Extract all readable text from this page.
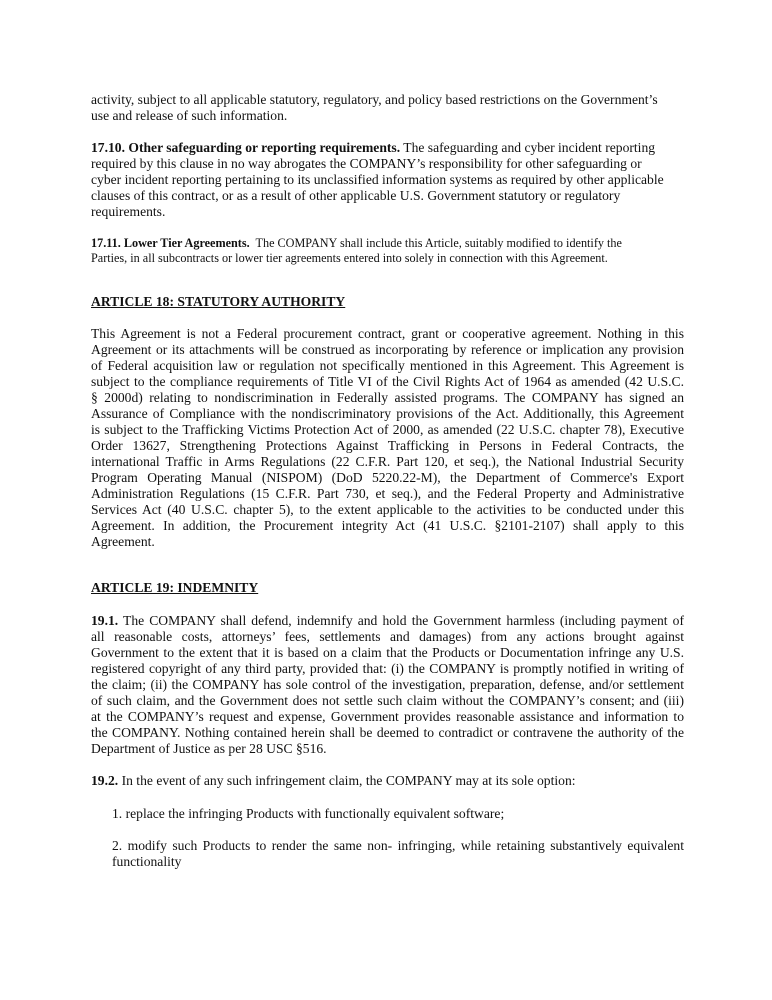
activity, subject to all applicable statutory, regulatory, and policy based restrictions on the Government’s
use and release of such information.
17.10. Other safeguarding or reporting requirements. The safeguarding and cyber incident reporting
required by this clause in no way abrogates the COMPANY’s responsibility for other safeguarding or
cyber incident reporting pertaining to its unclassified information systems as required by other applicable
clauses of this contract, or as a result of other applicable U.S. Government statutory or regulatory
requirements.
17.11. Lower Tier Agreements.  The COMPANY shall include this Article, suitably modified to identify the
Parties, in all subcontracts or lower tier agreements entered into solely in connection with this Agreement.
ARTICLE 18: STATUTORY AUTHORITY
This Agreement is not a Federal procurement contract, grant or cooperative agreement. Nothing in this
Agreement or its attachments will be construed as incorporating by reference or implication any provision
of Federal acquisition law or regulation not specifically mentioned in this Agreement. This Agreement is
subject to the compliance requirements of Title VI of the Civil Rights Act of 1964 as amended (42 U.S.C.
§ 2000d) relating to nondiscrimination in Federally assisted programs. The COMPANY has signed an
Assurance of Compliance with the nondiscriminatory provisions of the Act. Additionally, this Agreement
is subject to the Trafficking Victims Protection Act of 2000, as amended (22 U.S.C. chapter 78), Executive
Order 13627, Strengthening Protections Against Trafficking in Persons in Federal Contracts, the
international Traffic in Arms Regulations (22 C.F.R. Part 120, et seq.), the National Industrial Security
Program Operating Manual (NISPOM) (DoD 5220.22-M), the Department of Commerce's Export
Administration Regulations (15 C.F.R. Part 730, et seq.), and the Federal Property and Administrative
Services Act (40 U.S.C. chapter 5), to the extent applicable to the activities to be conducted under this
Agreement. In addition, the Procurement integrity Act (41 U.S.C. §2101-2107) shall apply to this
Agreement.
ARTICLE 19: INDEMNITY
19.1. The COMPANY shall defend, indemnify and hold the Government harmless (including payment of
all reasonable costs, attorneys’ fees, settlements and damages) from any actions brought against
Government to the extent that it is based on a claim that the Products or Documentation infringe any U.S.
registered copyright of any third party, provided that: (i) the COMPANY is promptly notified in writing of
the claim; (ii) the COMPANY has sole control of the investigation, preparation, defense, and/or settlement
of such claim, and the Government does not settle such claim without the COMPANY’s consent; and (iii)
at the COMPANY’s request and expense, Government provides reasonable assistance and information to
the COMPANY. Nothing contained herein shall be deemed to contradict or contravene the authority of the
Department of Justice as per 28 USC §516.
19.2. In the event of any such infringement claim, the COMPANY may at its sole option:
1. replace the infringing Products with functionally equivalent software;
2. modify such Products to render the same non- infringing, while retaining substantively equivalent
functionality
